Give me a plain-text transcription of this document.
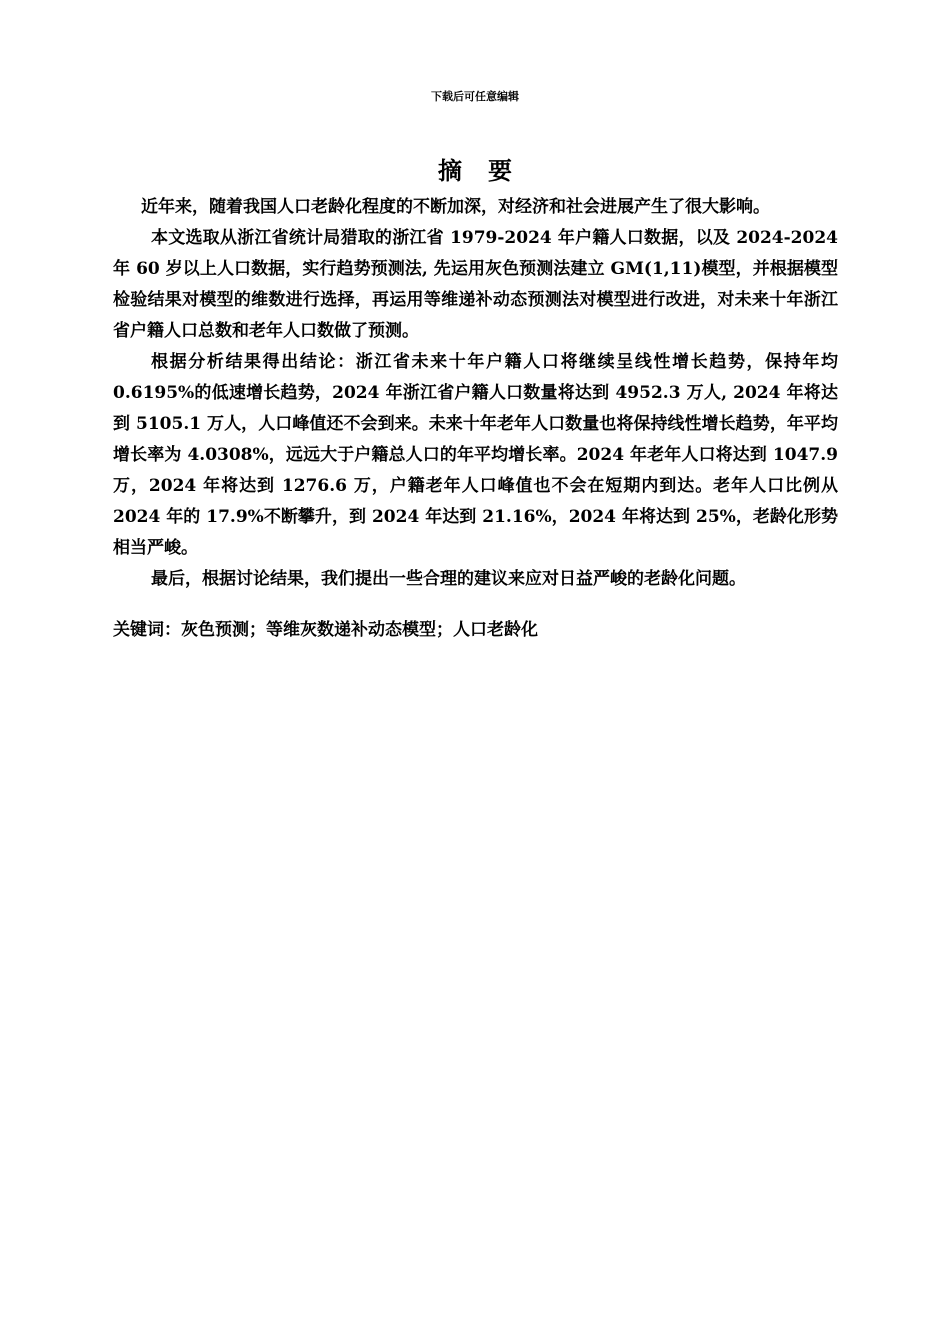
下载后可任意编辑
摘要

近年来，随着我国人口老龄化程度的不断加深，对经济和社会进展产生了很大影响。

本文选取从浙江省统计局猎取的浙江省 1979-2024 年户籍人口数据，以及 2024-2024 年 60 岁以上人口数据，实行趋势预测法, 先运用灰色预测法建立 GM(1,11)模型，并根据模型检验结果对模型的维数进行选择，再运用等维递补动态预测法对模型进行改进，对未来十年浙江省户籍人口总数和老年人口数做了预测。

根据分析结果得出结论：浙江省未来十年户籍人口将继续呈线性增长趋势，保持年均 0.6195%的低速增长趋势，2024 年浙江省户籍人口数量将达到 4952.3 万人, 2024 年将达到 5105.1 万人，人口峰值还不会到来。未来十年老年人口数量也将保持线性增长趋势，年平均增长率为 4.0308%，远远大于户籍总人口的年平均增长率。2024 年老年人口将达到 1047.9 万，2024 年将达到 1276.6 万，户籍老年人口峰值也不会在短期内到达。老年人口比例从 2024 年的 17.9%不断攀升，到 2024 年达到 21.16%，2024 年将达到 25%，老龄化形势相当严峻。

最后，根据讨论结果，我们提出一些合理的建议来应对日益严峻的老龄化问题。

关键词：灰色预测；等维灰数递补动态模型；人口老龄化
